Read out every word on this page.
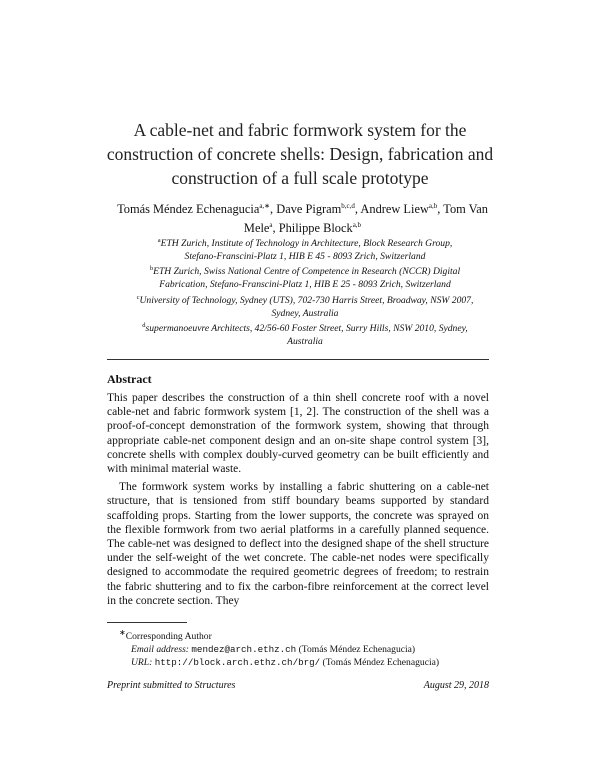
A cable-net and fabric formwork system for the
construction of concrete shells: Design, fabrication and
construction of a full scale prototype
Tomás Méndez Echenagucia$^{a,∗}$, Dave Pigram$^{b,c,d}$, Andrew Liew$^{a,b}$, Tom Van Mele$^a$, Philippe Block$^{a,b}$

$^a$ETH Zurich, Institute of Technology in Architecture, Block Research Group,
Stefano-Franscini-Platz 1, HIB E 45 - 8093 Zrich, Switzerland

$^b$ETH Zurich, Swiss National Centre of Competence in Research (NCCR) Digital
Fabrication, Stefano-Franscini-Platz 1, HIB E 25 - 8093 Zrich, Switzerland

$^c$University of Technology, Sydney (UTS), 702-730 Harris Street, Broadway, NSW 2007,
Sydney, Australia

$^d$supermanoeuvre Architects, 42/56-60 Foster Street, Surry Hills, NSW 2010, Sydney,
Australia

Abstract

This paper describes the construction of a thin shell concrete roof with a novel cable-net and fabric formwork system [1, 2]. The construction of the shell was a proof-of-concept demonstration of the formwork system, showing that through appropriate cable-net component design and an on-site shape control system [3], concrete shells with complex doubly-curved geometry can be built efficiently and with minimal material waste.

The formwork system works by installing a fabric shuttering on a cable-net structure, that is tensioned from stiff boundary beams supported by standard scaffolding props. Starting from the lower supports, the concrete was sprayed on the flexible formwork from two aerial platforms in a carefully planned sequence. The cable-net was designed to deflect into the designed shape of the shell structure under the self-weight of the wet concrete. The cable-net nodes were specifically designed to accommodate the required geometric degrees of freedom; to restrain the fabric shuttering and to fix the carbon-fibre reinforcement at the correct level in the concrete section. They

∗Corresponding Author

Email address: mendez@arch.ethz.ch (Tomás Méndez Echenagucia)

URL: http://block.arch.ethz.ch/brg/ (Tomás Méndez Echenagucia)

Preprint submitted to Structures	August 29, 2018
